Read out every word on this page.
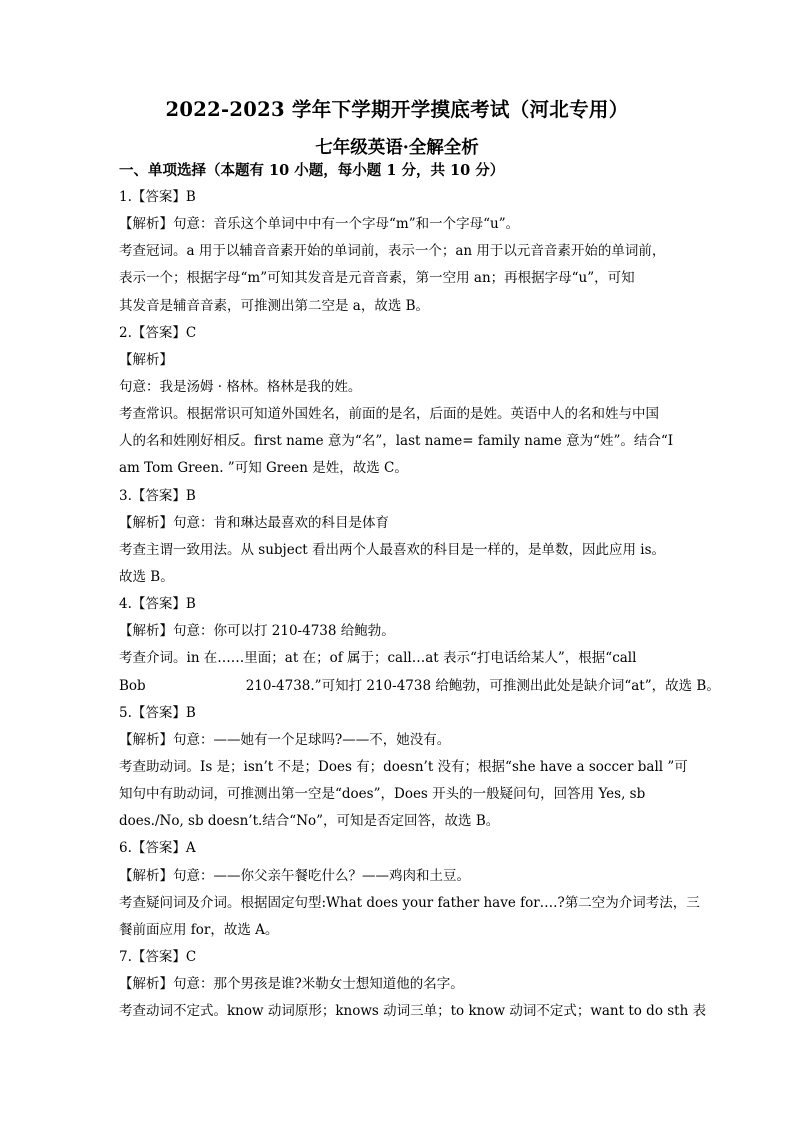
2022-2023 学年下学期开学摸底考试（河北专用）
七年级英语·全解全析
一、单项选择（本题有 10 小题，每小题 1 分，共 10 分）
1.【答案】B
【解析】句意：音乐这个单词中中有一个字母“m”和一个字母“u”。
考查冠词。a 用于以辅音音素开始的单词前，表示一个；an 用于以元音音素开始的单词前，
表示一个；根据字母“m”可知其发音是元音音素，第一空用 an；再根据字母“u”，可知
其发音是辅音音素，可推测出第二空是 a，故选 B。
2.【答案】C
【解析】
句意：我是汤姆 · 格林。格林是我的姓。
考查常识。根据常识可知道外国姓名，前面的是名，后面的是姓。英语中人的名和姓与中国
人的名和姓刚好相反。first name 意为“名”，last name= family name 意为“姓”。结合“I
am Tom Green. ”可知 Green 是姓，故选 C。
3.【答案】B
【解析】句意：肯和琳达最喜欢的科目是体育
考查主谓一致用法。从 subject 看出两个人最喜欢的科目是一样的，是单数，因此应用 is。
故选 B。
4.【答案】B
【解析】句意：你可以打 210-4738 给鲍勃。
考查介词。in 在……里面；at 在；of 属于；call…at 表示“打电话给某人”，根据“call
Bob	210-4738.”可知打 210-4738 给鲍勃，可推测出此处是缺介词“at”，故选 B。
5.【答案】B
【解析】句意：——她有一个足球吗?——不，她没有。
考查助动词。Is 是；isn’t 不是；Does 有；doesn’t 没有；根据“she have a soccer ball ”可
知句中有助动词，可推测出第一空是“does”，Does 开头的一般疑问句，回答用 Yes, sb
does./No, sb doesn’t.结合“No”，可知是否定回答，故选 B。
6.【答案】A
【解析】句意：——你父亲午餐吃什么？——鸡肉和土豆。
考查疑问词及介词。根据固定句型:What does your father have for….?第二空为介词考法，三
餐前面应用 for，故选 A。
7.【答案】C
【解析】句意：那个男孩是谁?米勒女士想知道他的名字。
考查动词不定式。know 动词原形；knows 动词三单；to know 动词不定式；want to do sth 表
